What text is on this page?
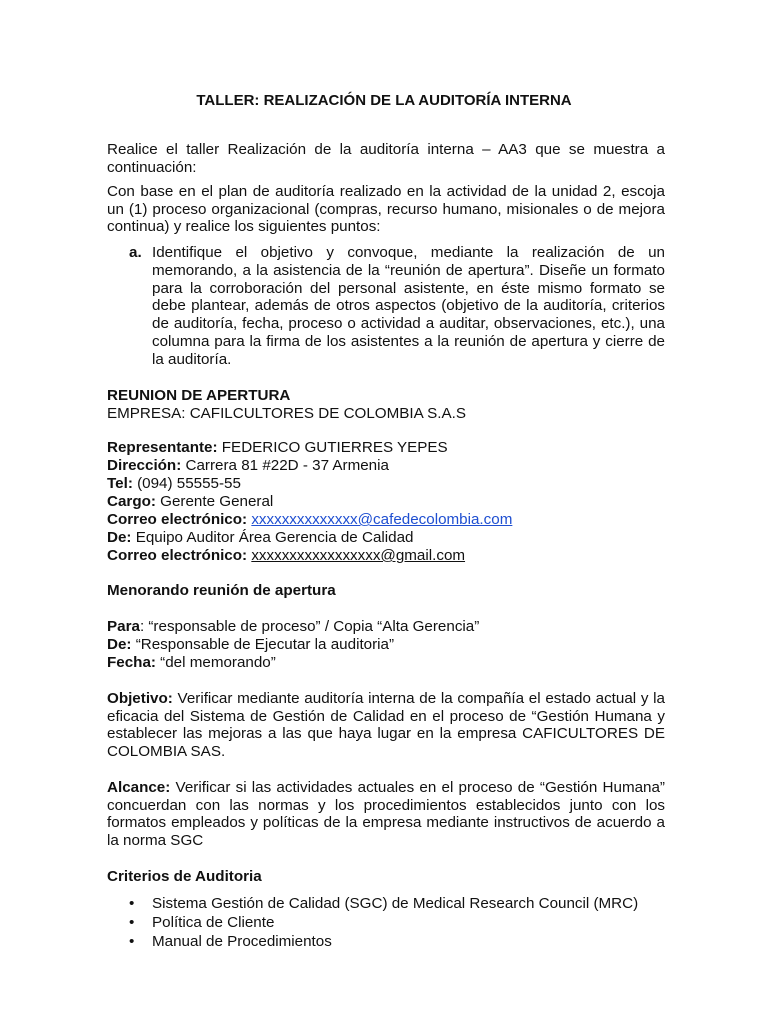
TALLER: REALIZACIÓN DE LA AUDITORÍA INTERNA
Realice el taller Realización de la auditoría interna – AA3 que se muestra a continuación:
Con base en el plan de auditoría realizado en la actividad de la unidad 2, escoja un (1) proceso organizacional (compras, recurso humano, misionales o de mejora continua) y realice los siguientes puntos:
a. Identifique el objetivo y convoque, mediante la realización de un memorando, a la asistencia de la “reunión de apertura”. Diseñe un formato para la corroboración del personal asistente, en éste mismo formato se debe plantear, además de otros aspectos (objetivo de la auditoría, criterios de auditoría, fecha, proceso o actividad a auditar, observaciones, etc.), una columna para la firma de los asistentes a la reunión de apertura y cierre de la auditoría.
REUNION DE APERTURA
EMPRESA: CAFILCULTORES DE COLOMBIA S.A.S
Representante: FEDERICO GUTIERRES YEPES
Dirección: Carrera 81 #22D - 37 Armenia
Tel: (094) 55555-55
Cargo: Gerente General
Correo electrónico: xxxxxxxxxxxxxx@cafedecolombia.com
De: Equipo Auditor Área Gerencia de Calidad
Correo electrónico: xxxxxxxxxxxxxxxxx@gmail.com
Menorando reunión de apertura
Para: “responsable de proceso” / Copia “Alta Gerencia”
De: “Responsable de Ejecutar la auditoria”
Fecha: “del memorando”
Objetivo: Verificar mediante auditoría interna de la compañía el estado actual y la eficacia del Sistema de Gestión de Calidad en el proceso de “Gestión Humana y establecer las mejoras a las que haya lugar en la empresa CAFICULTORES DE COLOMBIA SAS.
Alcance: Verificar si las actividades actuales en el proceso de “Gestión Humana” concuerdan con las normas y los procedimientos establecidos junto con los formatos empleados y políticas de la empresa mediante instructivos de acuerdo a la norma SGC
Criterios de Auditoria
• Sistema Gestión de Calidad (SGC) de Medical Research Council (MRC)
• Política de Cliente
• Manual de Procedimientos
